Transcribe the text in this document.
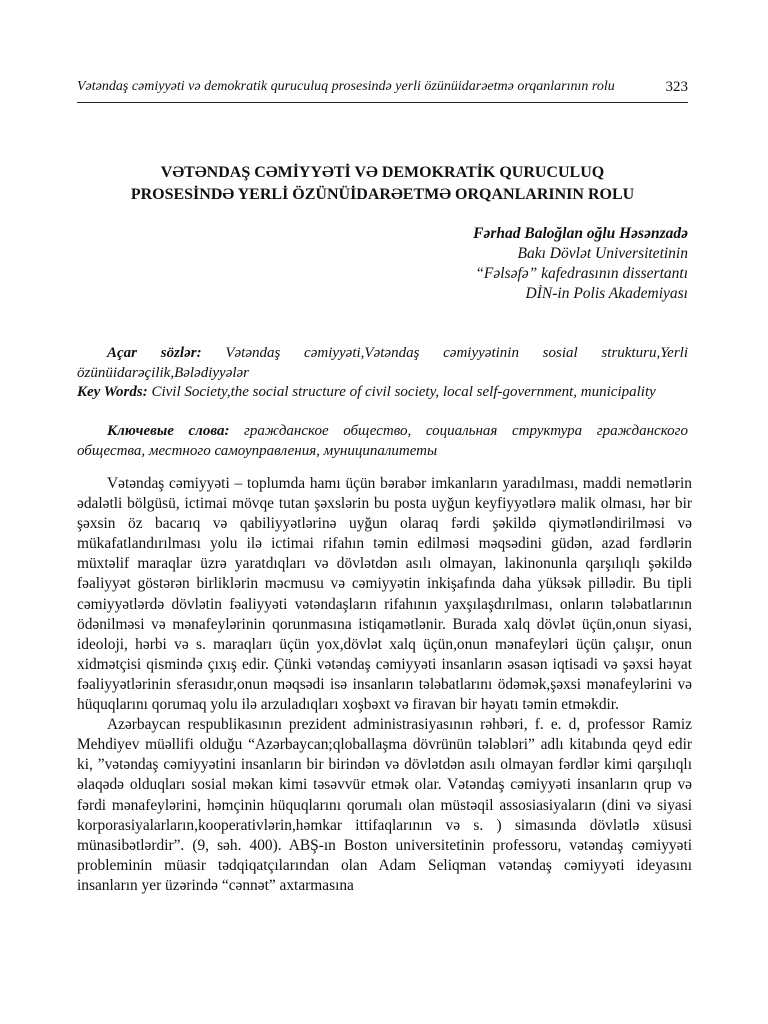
Vətəndaş cəmiyyəti və demokratik quruculuq prosesində yerli özünüidarəetmə orqanlarının rolu	323
VƏTƏNDAŞ CƏMİYYƏTİ VƏ DEMOKRATİK QURUCULUQ
PROSESİNDƏ YERLİ ÖZÜNÜİDARƏETMƏ ORQANLARININ ROLU
Fərhad Baloğlan oğlu Həsənzadə
Bakı Dövlət Universitetinin
“Fəlsəfə” kafedrasının dissertantı
DİN-in Polis Akademiyası
Açar sözlər: Vətəndaş cəmiyyəti,Vətəndaş cəmiyyətinin sosial strukturu,Yerli özünüidarəçilik,Bələdiyyələr
Key Words: Civil Society,the social structure of civil society, local self-government, municipality
Ключевые слова: гражданское общество, социальная структура гражданского общества, местного самоуправления, муниципалитеты

Vətəndaş cəmiyyəti – toplumda hamı üçün bərabər imkanların yaradılması, maddi nemətlərin ədalətli bölgüsü, ictimai mövqe tutan şəxslərin bu posta uyğun keyfiyyətlərə malik olması, hər bir şəxsin öz bacarıq və qabiliyyətlərinə uyğun olaraq fərdi şəkildə qiymətləndirilməsi və mükafatlandırılması yolu ilə ictimai rifahın təmin edilməsi məqsədini güdən, azad fərdlərin müxtəlif maraqlar üzrə yaratdıqları və dövlətdən asılı olmayan, lakinonunla qarşılıqlı şəkildə fəaliyyət göstərən birliklərin məcmusu və cəmiyyətin inkişafında daha yüksək pillədir. Bu tipli cəmiyyətlərdə dövlətin fəaliyyəti vətəndaşların rifahının yaxşılaşdırılması, onların tələbatlarının ödənilməsi və mənafeylərinin qorunmasına istiqamətlənir. Burada xalq dövlət üçün,onun siyasi, ideoloji, hərbi və s. maraqları üçün yox,dövlət xalq üçün,onun mənafeyləri üçün çalışır, onun xidmətçisi qismində çıxış edir. Çünki vətəndaş cəmiyyəti insanların əsasən iqtisadi və şəxsi həyat fəaliyyətlərinin sferasıdır,onun məqsədi isə insanların tələbatlarını ödəmək,şəxsi mənafeylərini və hüquqlarını qorumaq yolu ilə arzuladıqları xoşbəxt və firavan bir həyatı təmin etməkdir.

Azərbaycan respublikasının prezident administrasiyasının rəhbəri, f. e. d, professor Ramiz Mehdiyev müəllifi olduğu “Azərbaycan;qloballaşma dövrünün tələbləri” adlı kitabında qeyd edir ki, ”vətəndaş cəmiyyətini insanların bir birindən və dövlətdən asılı olmayan fərdlər kimi qarşılıqlı əlaqədə olduqları sosial məkan kimi təsəvvür etmək olar. Vətəndaş cəmiyyəti insanların qrup və fərdi mənafeylərini, həmçinin hüquqlarını qorumalı olan müstəqil assosiasiyaların (dini və siyasi korporasiyalarların,kooperativlərin,həmkar ittifaqlarının və s. ) simasında dövlətlə xüsusi münasibətlərdir”. (9, səh. 400). ABŞ-ın Boston universitetinin professoru, vətəndaş cəmiyyəti probleminin müasir tədqiqatçılarından olan Adam Seliqman vətəndaş cəmiyyəti ideyasını insanların yer üzərində “cənnət” axtarmasına
